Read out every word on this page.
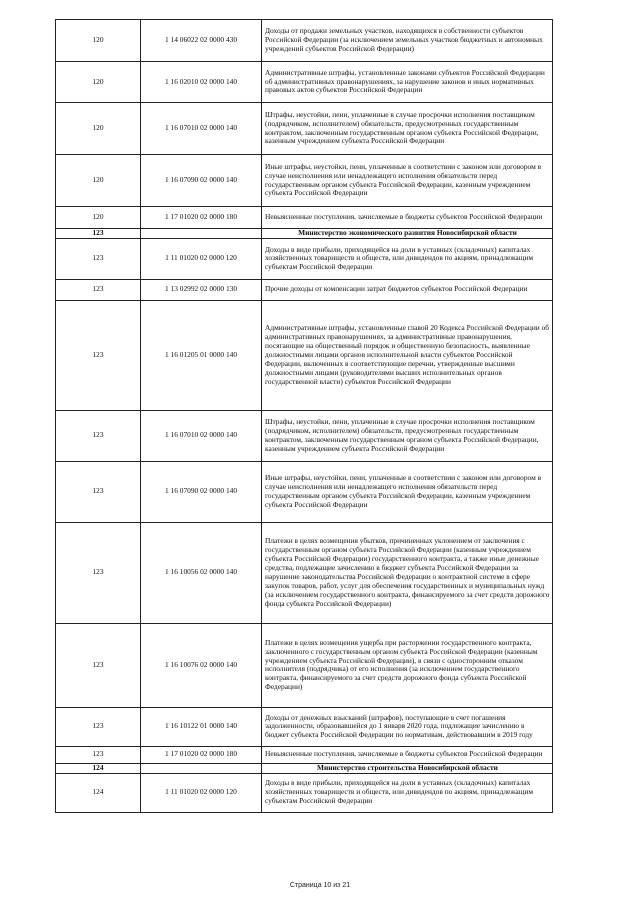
120	1 14 06022 02 0000 430	Доходы от продажи земельных участков, находящихся в собственности субъектов Российской Федерации (за исключением земельных участков бюджетных и автономных учреждений субъектов Российской Федерации)
120	1 16 02010 02 0000 140	Административные штрафы, установленные законами субъектов Российской Федерации об административных правонарушениях, за нарушение законов и иных нормативных правовых актов субъектов Российской Федерации
120	1 16 07010 02 0000 140	Штрафы, неустойки, пени, уплаченные в случае просрочки исполнения поставщиком (подрядчиком, исполнителем) обязательств, предусмотренных государственным контрактом, заключенным государственным органом субъекта Российской Федерации, казенным учреждением субъекта Российской Федерации
120	1 16 07090 02 0000 140	Иные штрафы, неустойки, пени, уплаченные в соответствии с законом или договором в случае неисполнения или ненадлежащего исполнения обязательств перед государственным органом субъекта Российской Федерации, казенным учреждением субъекта Российской Федерации
120	1 17 01020 02 0000 180	Невыясненные поступления, зачисляемые в бюджеты субъектов Российской Федерации
123		Министерство экономического развития Новосибирской области
123	1 11 01020 02 0000 120	Доходы в виде прибыли, приходящейся на доли в уставных (складочных) капиталах хозяйственных товариществ и обществ, или дивидендов по акциям, принадлежащим субъектам Российской Федерации
123	1 13 02992 02 0000 130	Прочие доходы от компенсации затрат бюджетов субъектов Российской Федерации
123	1 16 01205 01 0000 140	Административные штрафы, установленные главой 20 Кодекса Российской Федерации об административных правонарушениях, за административные правонарушения, посягающие на общественный порядок и общественную безопасность, выявленные должностными лицами органов исполнительной власти субъектов Российской Федерации, включенных в соответствующие перечни, утвержденные высшими должностными лицами (руководителями высших исполнительных органов государственной власти) субъектов Российской Федерации
123	1 16 07010 02 0000 140	Штрафы, неустойки, пени, уплаченные в случае просрочки исполнения поставщиком (подрядчиком, исполнителем) обязательств, предусмотренных государственным контрактом, заключенным государственным органом субъекта Российской Федерации, казенным учреждением субъекта Российской Федерации
123	1 16 07090 02 0000 140	Иные штрафы, неустойки, пени, уплаченные в соответствии с законом или договором в случае неисполнения или ненадлежащего исполнения обязательств перед государственным органом субъекта Российской Федерации, казенным учреждением субъекта Российской Федерации
123	1 16 10056 02 0000 140	Платежи в целях возмещения убытков, причиненных уклонением от заключения с государственным органом субъекта Российской Федерации (казенным учреждением субъекта Российской Федерации) государственного контракта, а также иные денежные средства, подлежащие зачислению в бюджет субъекта Российской Федерации за нарушение законодательства Российской Федерации о контрактной системе в сфере закупок товаров, работ, услуг для обеспечения государственных и муниципальных нужд (за исключением государственного контракта, финансируемого за счет средств дорожного фонда субъекта Российской Федерации)
123	1 16 10076 02 0000 140	Платежи в целях возмещения ущерба при расторжении государственного контракта, заключенного с государственным органом субъекта Российской Федерации (казенным учреждением субъекта Российской Федерации), в связи с односторонним отказом исполнителя (подрядчика) от его исполнения (за исключением государственного контракта, финансируемого за счет средств дорожного фонда субъекта Российской Федерации)
123	1 16 10122 01 0000 140	Доходы от денежных взысканий (штрафов), поступающие в счет погашения задолженности, образовавшейся до 1 января 2020 года, подлежащие зачислению в бюджет субъекта Российской Федерации по нормативам, действовавшим в 2019 году
123	1 17 01020 02 0000 180	Невыясненные поступления, зачисляемые в бюджеты субъектов Российской Федерации
124		Министерство строительства Новосибирской области
124	1 11 01020 02 0000 120	Доходы в виде прибыли, приходящейся на доли в уставных (складочных) капиталах хозяйственных товариществ и обществ, или дивидендов по акциям, принадлежащим субъектам Российской Федерации
Страница 10 из 21
